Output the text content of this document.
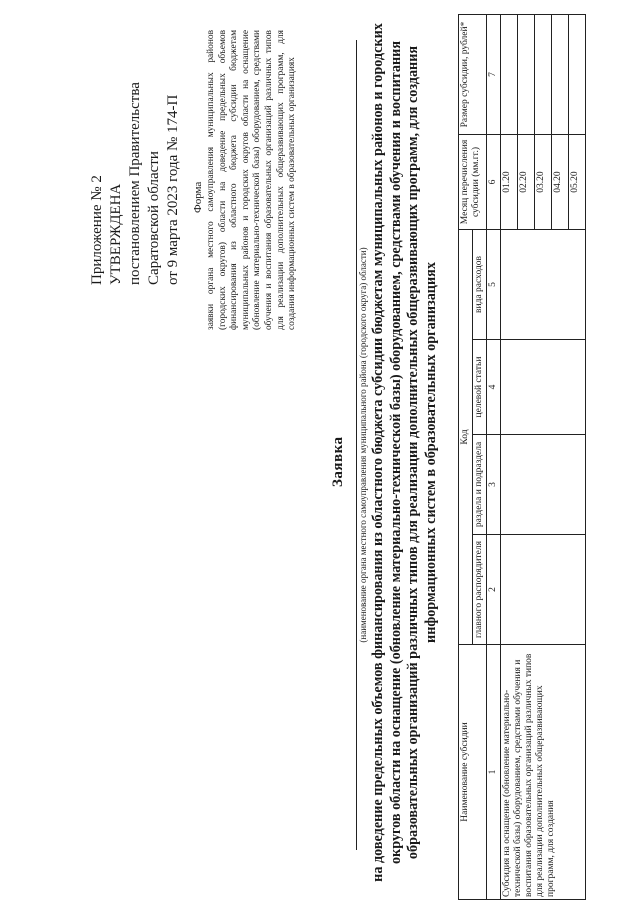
Приложение № 2 УТВЕРЖДЕНА постановлением Правительства Саратовской области от 9 марта 2023 года № 174-П Форма заявки органа местного самоуправления муниципальных районов (городских округов) области на доведение предельных объемов финансирования из областного бюджета субсидии бюджетам муниципальных районов и городских округов области на оснащение (обновление материально-технической базы) оборудованием, средствами обучения и воспитания образовательных организаций различных типов для реализации дополнительных общеразвивающих программ, для создания информационных систем в образовательных организациях
Заявка (наименование органа местного самоуправления муниципального района (городского округа) области) на доведение предельных объемов финансирования из областного бюджета субсидии бюджетам муниципальных районов и городских округов области на оснащение (обновление материально-технической базы) оборудованием, средствами обучения и воспитания образовательных организаций различных типов для реализации дополнительных общеразвивающих программ, для создания информационных систем в образовательных организациях
Наименование субсидии	Код				Месяц перечисления субсидии (мм.гг.)	Размер субсидии, рублей*
	главного распорядителя	раздела и подраздела	целевой статьи	вида расходов		
1	2	3	4	5	6	7
Субсидия на оснащение (обновление материально-технической базы) оборудованием, средствами обучения и воспитания образовательных организаций различных типов для реализации дополнительных общеразвивающих программ, для создания					01.20	
					02.20	
					03.20	
					04.20	
					05.20	
